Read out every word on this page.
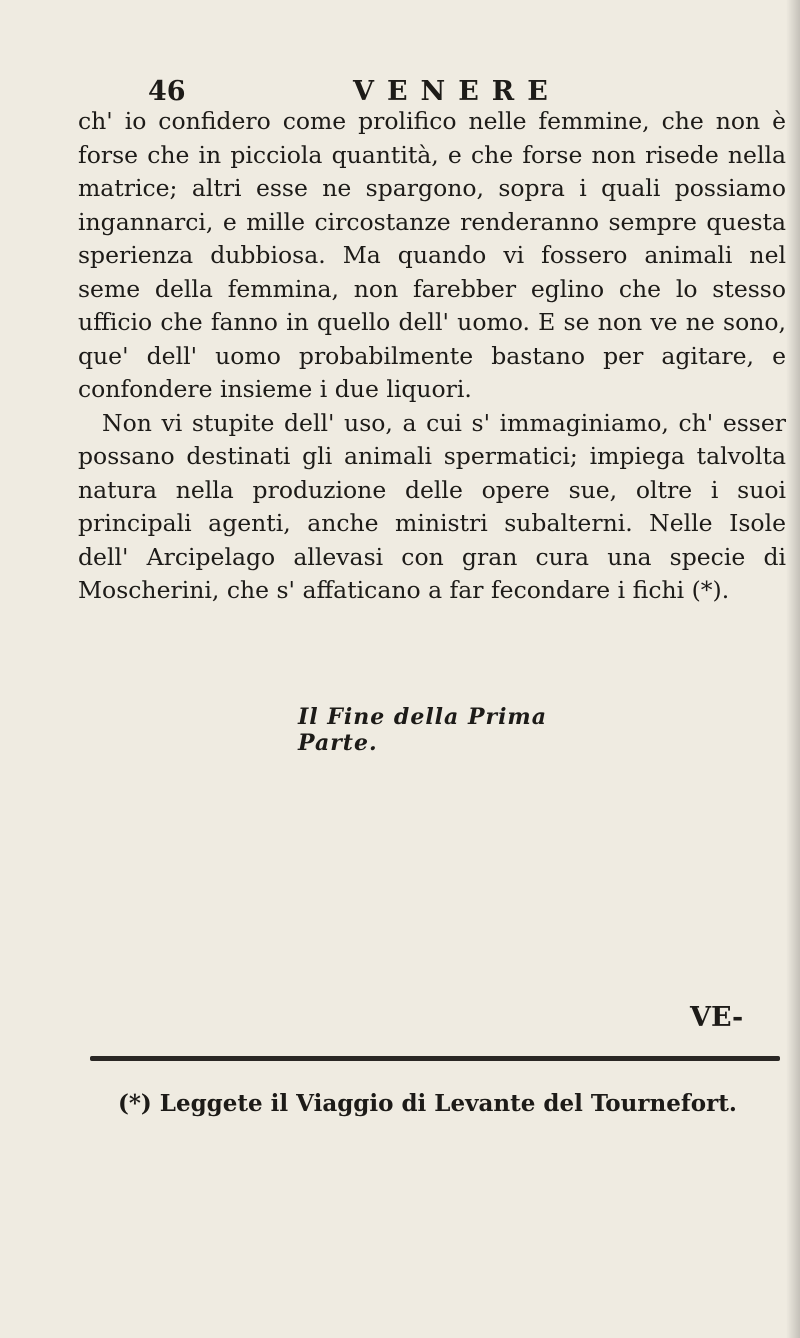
46	VENERE

ch' io confidero come prolifico nelle femmine, che non è forse che in picciola quantità, e che forse non risede nella matrice; altri esse ne spargono, sopra i quali possiamo ingannarci, e mille circostanze renderanno sempre questa sperienza dubbiosa. Ma quando vi fossero animali nel seme della femmina, non farebber eglino che lo stesso ufficio che fanno in quello dell' uomo. E se non ve ne sono, que' dell' uomo probabilmente bastano per agitare, e confondere insieme i due liquori.

Non vi stupite dell' uso, a cui s' immaginiamo, ch' esser possano destinati gli animali spermatici; impiega talvolta natura nella produzione delle opere sue, oltre i suoi principali agenti, anche ministri subalterni. Nelle Isole dell' Arcipelago allevasi con gran cura una specie di Moscherini, che s' affaticano a far fecondare i fichi (*).

Il Fine della Prima Parte.
VE-
(*) Leggete il Viaggio di Levante del Tournefort.
